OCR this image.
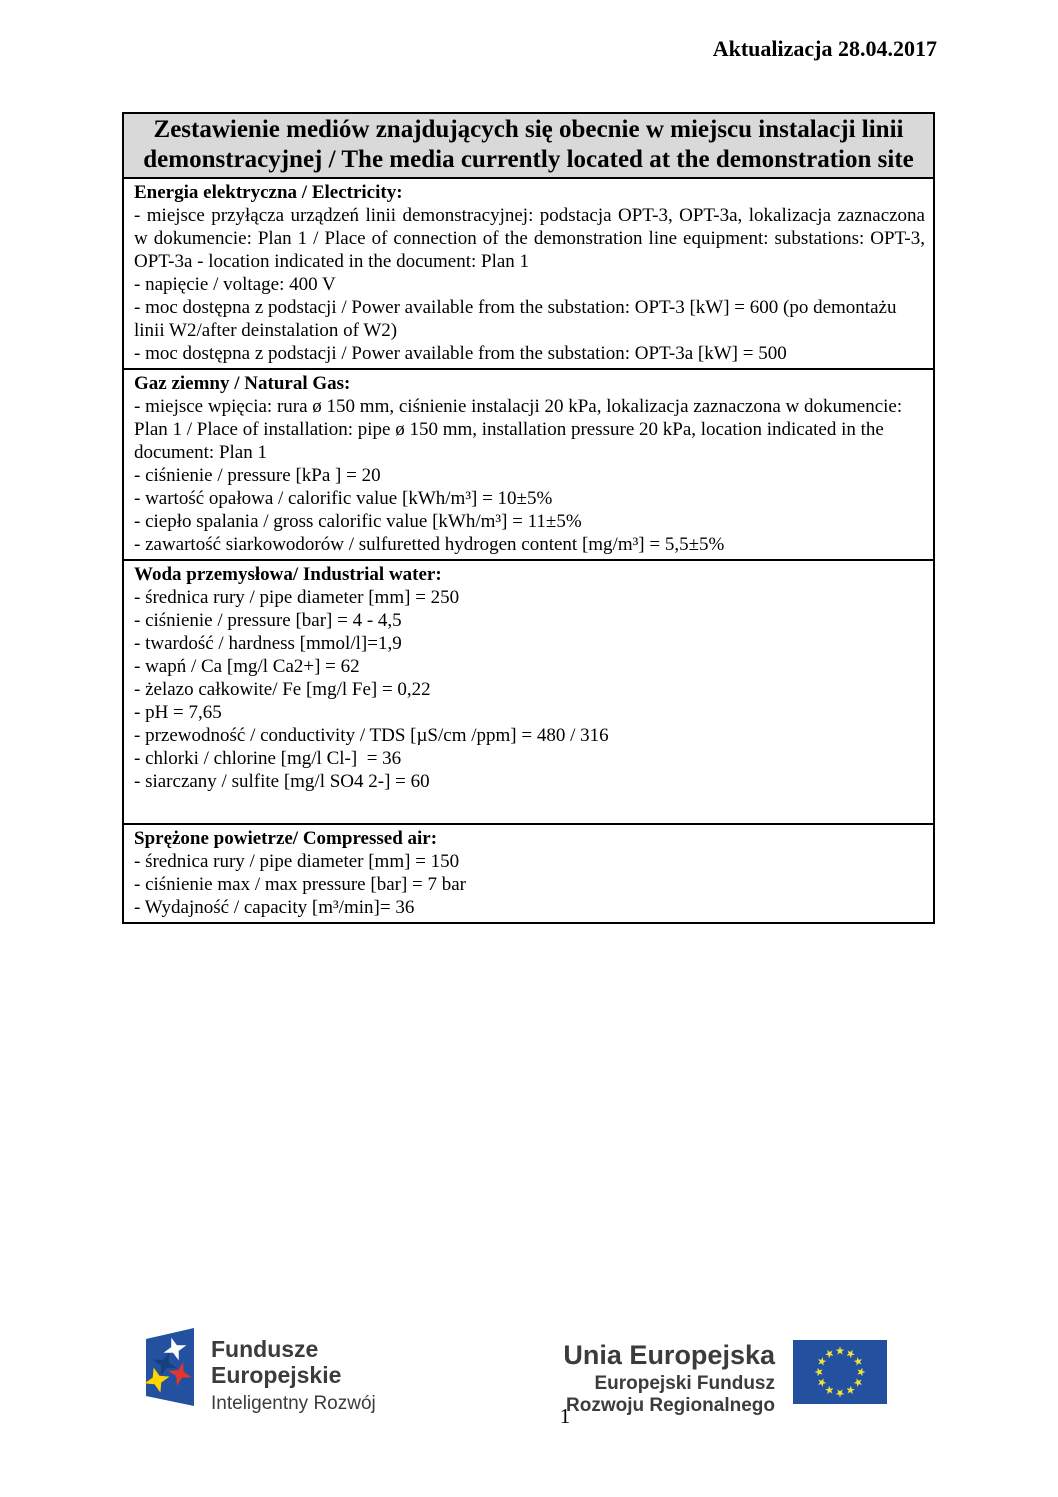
Aktualizacja 28.04.2017
Zestawienie mediów znajdujących się obecnie w miejscu instalacji linii demonstracyjnej / The media currently located at the demonstration site

Energia elektryczna / Electricity:

- miejsce przyłącza urządzeń linii demonstracyjnej: podstacja OPT-3, OPT-3a, lokalizacja zaznaczona w dokumencie: Plan 1 / Place of connection of the demonstration line equipment: substations: OPT-3, OPT-3a - location indicated in the document: Plan 1

- napięcie / voltage: 400 V

- moc dostępna z podstacji / Power available from the substation: OPT-3 [kW] = 600 (po demontażu linii W2/after deinstalation of W2)

- moc dostępna z podstacji / Power available from the substation: OPT-3a [kW] = 500

Gaz ziemny / Natural Gas:

- miejsce wpięcia: rura ø 150 mm, ciśnienie instalacji 20 kPa, lokalizacja zaznaczona w dokumencie: Plan 1 / Place of installation: pipe ø 150 mm, installation pressure 20 kPa, location indicated in the document: Plan 1

- ciśnienie / pressure [kPa ] = 20

- wartość opałowa / calorific value [kWh/m³] = 10±5%

- ciepło spalania / gross calorific value [kWh/m³] = 11±5%

- zawartość siarkowodorów / sulfuretted hydrogen content [mg/m³] = 5,5±5%

Woda przemysłowa/ Industrial water:

- średnica rury / pipe diameter [mm] = 250

- ciśnienie / pressure [bar] = 4 - 4,5

- twardość / hardness [mmol/l]=1,9

- wapń / Ca [mg/l Ca2+] = 62

- żelazo całkowite/ Fe [mg/l Fe] = 0,22

- pH = 7,65

- przewodność / conductivity / TDS [µS/cm /ppm] = 480 / 316

- chlorki / chlorine [mg/l Cl-]  = 36

- siarczany / sulfite [mg/l SO4 2-] = 60

Sprężone powietrze/ Compressed air:

- średnica rury / pipe diameter [mm] = 150

- ciśnienie max / max pressure [bar] = 7 bar

- Wydajność / capacity [m³/min]= 36

Fundusze
Europejskie
Inteligentny Rozwój
Unia Europejska
Europejski Fundusz
Rozwoju Regionalnego
1
